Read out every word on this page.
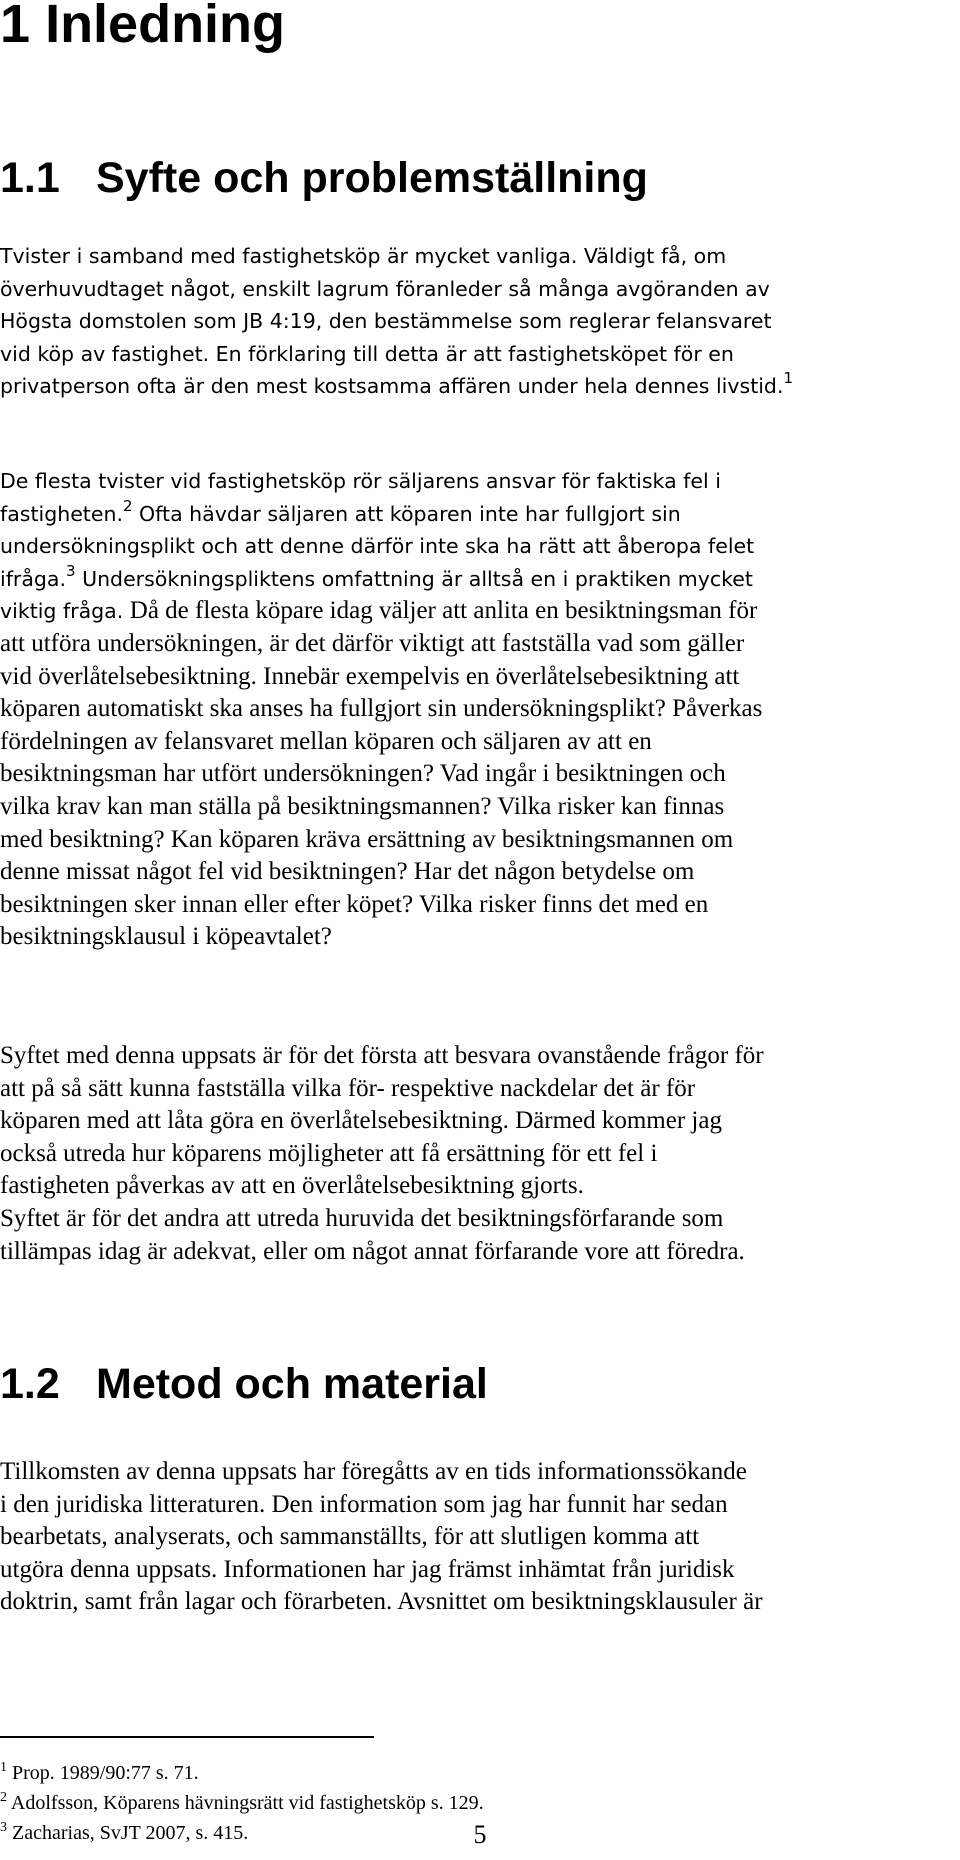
1 Inledning
1.1 Syfte och problemställning
Tvister i samband med fastighetsköp är mycket vanliga. Väldigt få, om
överhuvudtaget något, enskilt lagrum föranleder så många avgöranden av
Högsta domstolen som JB 4:19, den bestämmelse som reglerar felansvaret
vid köp av fastighet. En förklaring till detta är att fastighetsköpet för en
privatperson ofta är den mest kostsamma affären under hela dennes livstid.$^1$
De flesta tvister vid fastighetsköp rör säljarens ansvar för faktiska fel i
fastigheten.$^2$ Ofta hävdar säljaren att köparen inte har fullgjort sin
undersökningsplikt och att denne därför inte ska ha rätt att åberopa felet
ifråga.$^3$ Undersökningspliktens omfattning är alltså en i praktiken mycket
viktig fråga. Då de flesta köpare idag väljer att anlita en besiktningsman för
att utföra undersökningen, är det därför viktigt att fastställa vad som gäller
vid överlåtelsebesiktning. Innebär exempelvis en överlåtelsebesiktning att
köparen automatiskt ska anses ha fullgjort sin undersökningsplikt? Påverkas
fördelningen av felansvaret mellan köparen och säljaren av att en
besiktningsman har utfört undersökningen? Vad ingår i besiktningen och
vilka krav kan man ställa på besiktningsmannen? Vilka risker kan finnas
med besiktning? Kan köparen kräva ersättning av besiktningsmannen om
denne missat något fel vid besiktningen? Har det någon betydelse om
besiktningen sker innan eller efter köpet? Vilka risker finns det med en
besiktningsklausul i köpeavtalet?
Syftet med denna uppsats är för det första att besvara ovanstående frågor för
att på så sätt kunna fastställa vilka för- respektive nackdelar det är för
köparen med att låta göra en överlåtelsebesiktning. Därmed kommer jag
också utreda hur köparens möjligheter att få ersättning för ett fel i
fastigheten påverkas av att en överlåtelsebesiktning gjorts.
Syftet är för det andra att utreda huruvida det besiktningsförfarande som
tillämpas idag är adekvat, eller om något annat förfarande vore att föredra.
1.2 Metod och material
Tillkomsten av denna uppsats har föregåtts av en tids informationssökande
i den juridiska litteraturen. Den information som jag har funnit har sedan
bearbetats, analyserats, och sammanställts, för att slutligen komma att
utgöra denna uppsats. Informationen har jag främst inhämtat från juridisk
doktrin, samt från lagar och förarbeten. Avsnittet om besiktningsklausuler är
$^1$ Prop. 1989/90:77 s. 71.
$^2$ Adolfsson, Köparens hävningsrätt vid fastighetsköp s. 129.
$^3$ Zacharias, SvJT 2007, s. 415.	5
